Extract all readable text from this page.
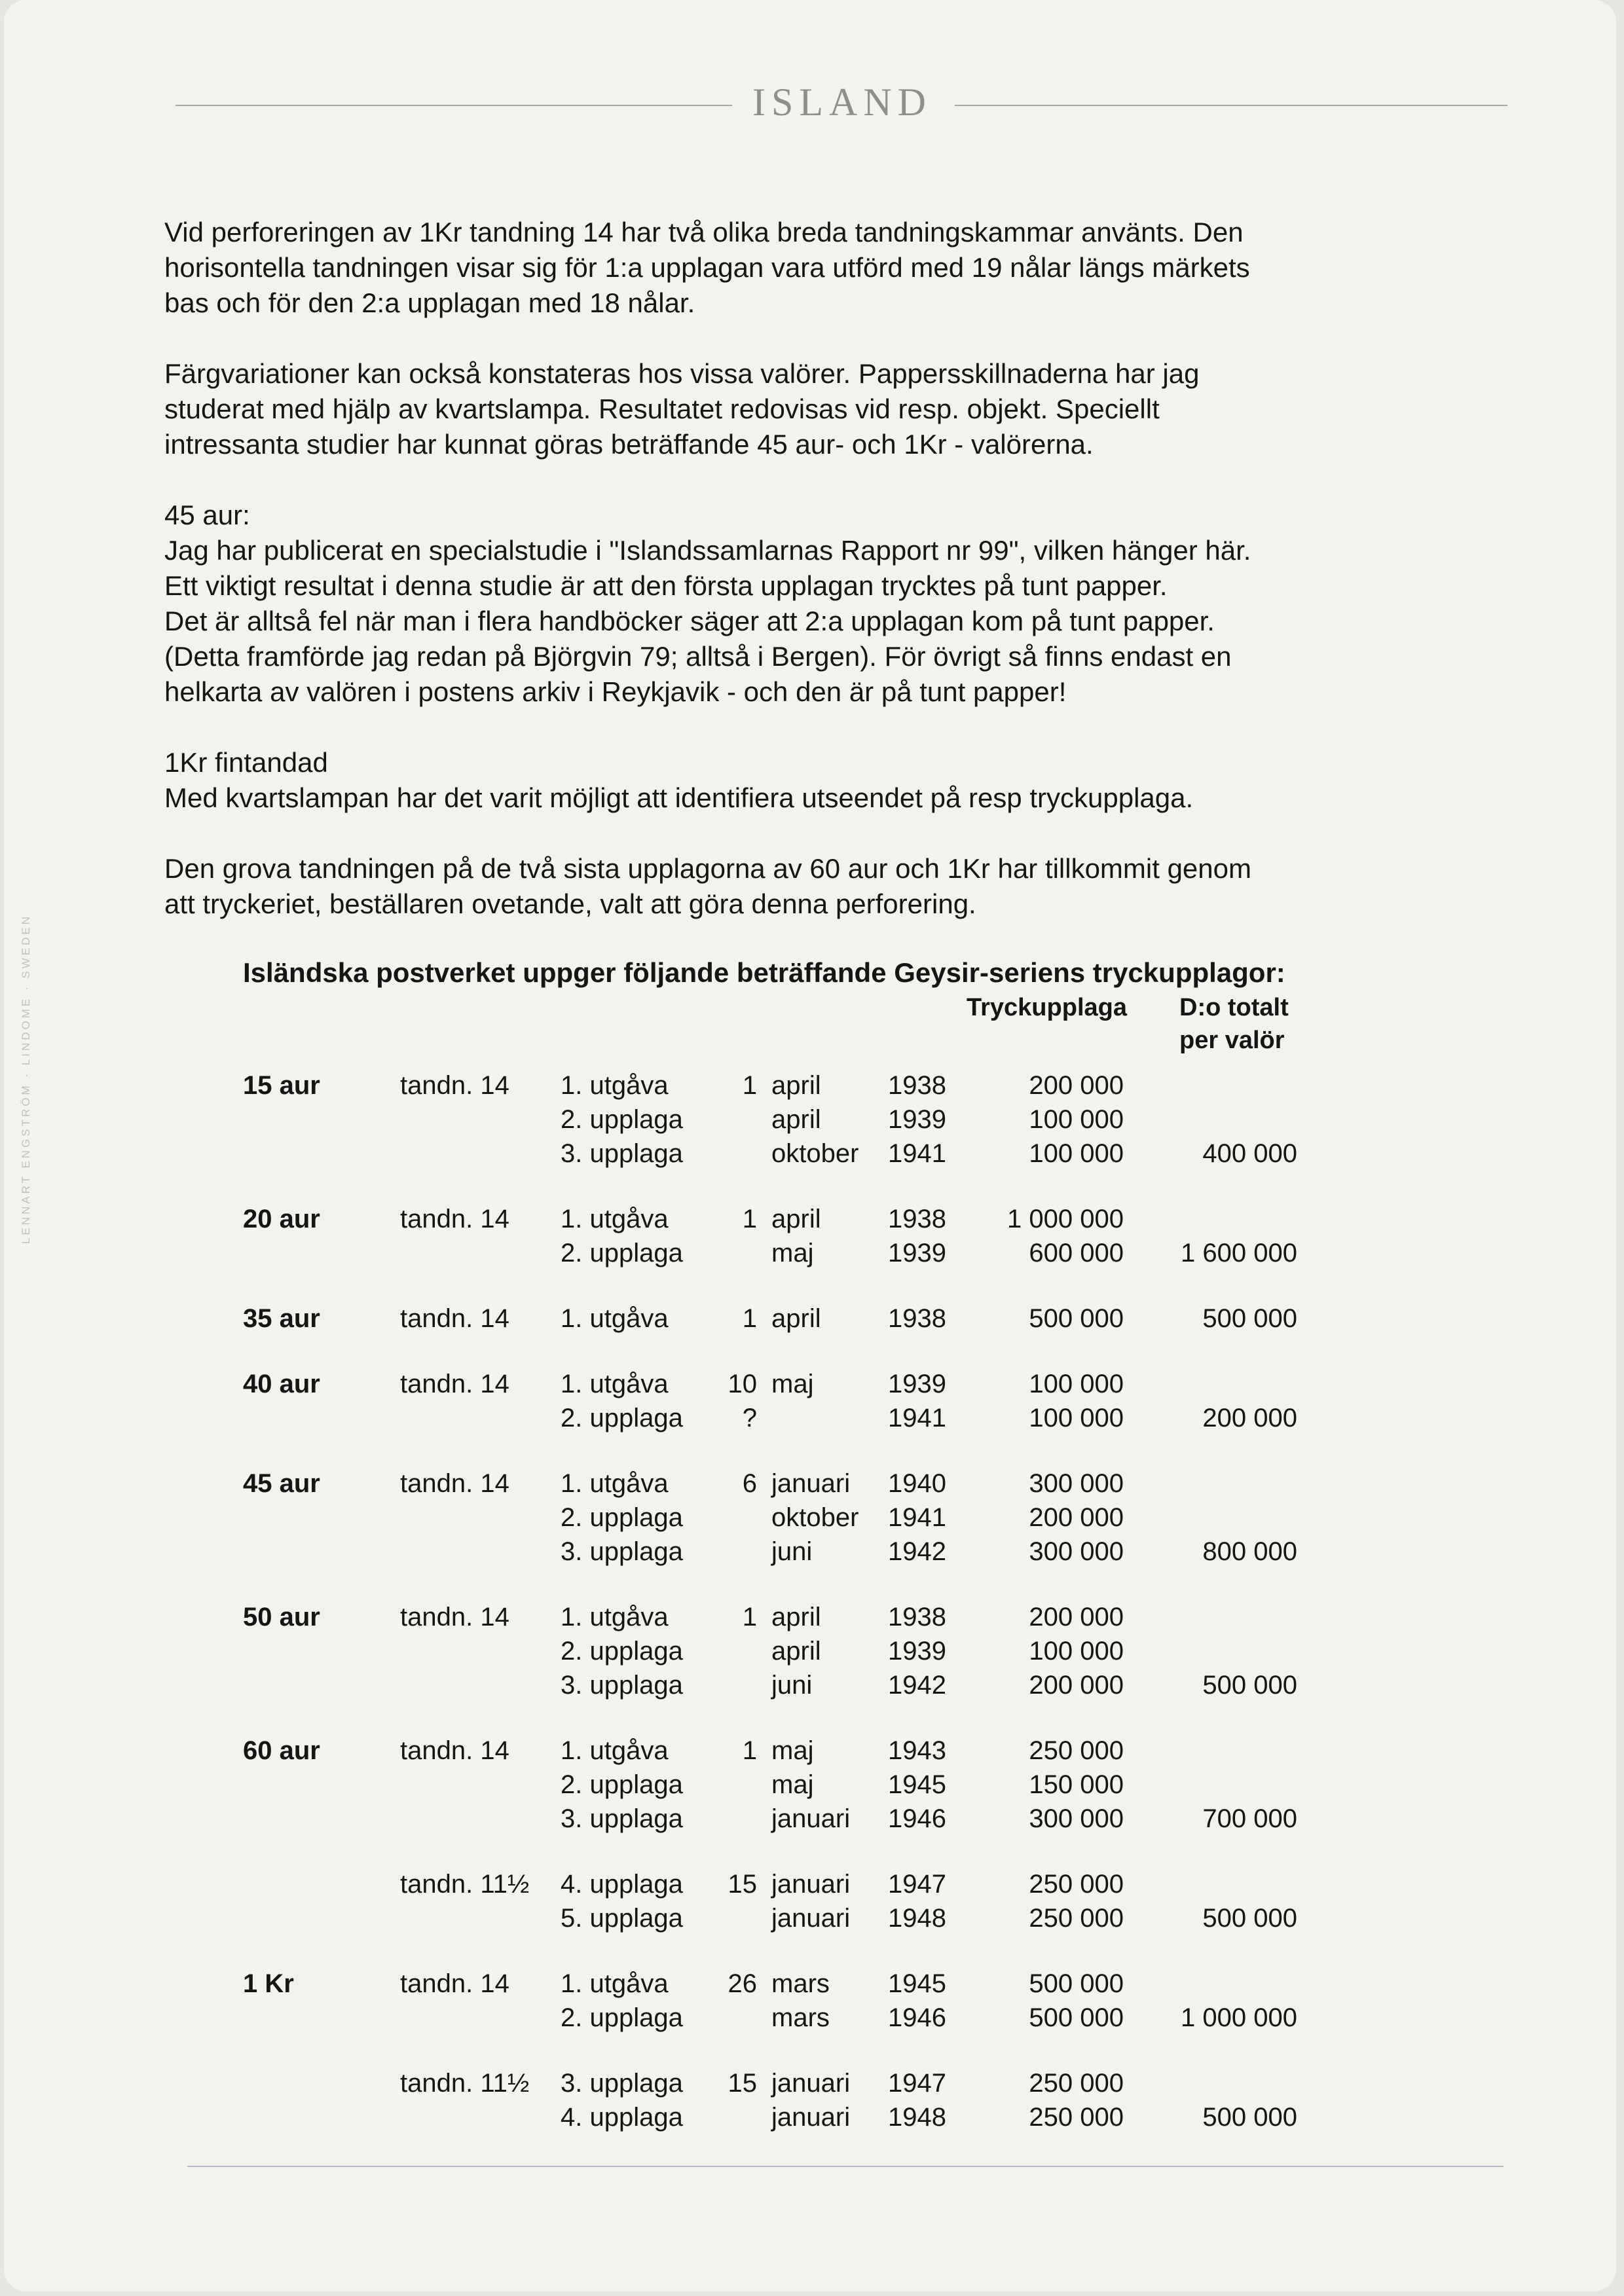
ISLAND
Vid perforeringen av 1Kr tandning 14 har två olika breda tandningskammar använts. Den
horisontella tandningen visar sig för 1:a upplagan vara utförd med 19 nålar längs märkets
bas och för den 2:a upplagan med 18 nålar.
Färgvariationer kan också konstateras hos vissa valörer. Pappersskillnaderna har jag
studerat med hjälp av kvartslampa. Resultatet redovisas vid resp. objekt. Speciellt
intressanta studier har kunnat göras beträffande 45 aur- och 1Kr - valörerna.
45 aur:
Jag har publicerat en specialstudie i "Islandssamlarnas Rapport nr 99", vilken hänger här.
Ett viktigt resultat i denna studie är att den första upplagan trycktes på tunt papper.
Det är alltså fel när man i flera handböcker säger att 2:a upplagan kom på tunt papper.
(Detta framförde jag redan på Björgvin 79; alltså i Bergen). För övrigt så finns endast en
helkarta av valören i postens arkiv i Reykjavik - och den är på tunt papper!
1Kr fintandad
Med kvartslampan har det varit möjligt att identifiera utseendet på resp tryckupplaga.
Den grova tandningen på de två sista upplagorna av 60 aur och 1Kr har tillkommit genom
att tryckeriet, beställaren ovetande, valt att göra denna perforering.
Isländska postverket uppger följande beträffande Geysir-seriens tryckupplagor:
Tryckupplaga D:o totalt
per valör
15 aur	tandn. 14	1. utgåva	1 april	1938	200 000
2. upplaga	april	1939	100 000
3. upplaga	oktober	1941	100 000	400 000
20 aur	tandn. 14	1. utgåva	1 april	1938	1 000 000
2. upplaga	maj	1939	600 000	1 600 000
35 aur	tandn. 14	1. utgåva	1 april	1938	500 000	500 000
40 aur	tandn. 14	1. utgåva	10 maj	1939	100 000
2. upplaga	?	1941	100 000	200 000
45 aur	tandn. 14	1. utgåva	6 januari	1940	300 000
2. upplaga	oktober	1941	200 000
3. upplaga	juni	1942	300 000	800 000
50 aur	tandn. 14	1. utgåva	1 april	1938	200 000
2. upplaga	april	1939	100 000
3. upplaga	juni	1942	200 000	500 000
60 aur	tandn. 14	1. utgåva	1 maj	1943	250 000
2. upplaga	maj	1945	150 000
3. upplaga	januari	1946	300 000	700 000
tandn. 11½	4. upplaga	15 januari	1947	250 000
5. upplaga	januari	1948	250 000	500 000
1 Kr	tandn. 14	1. utgåva	26 mars	1945	500 000
2. upplaga	mars	1946	500 000	1 000 000
tandn. 11½	3. upplaga	15 januari	1947	250 000
4. upplaga	januari	1948	250 000	500 000

LENNART ENGSTRÖM · LINDOME · SWEDEN
